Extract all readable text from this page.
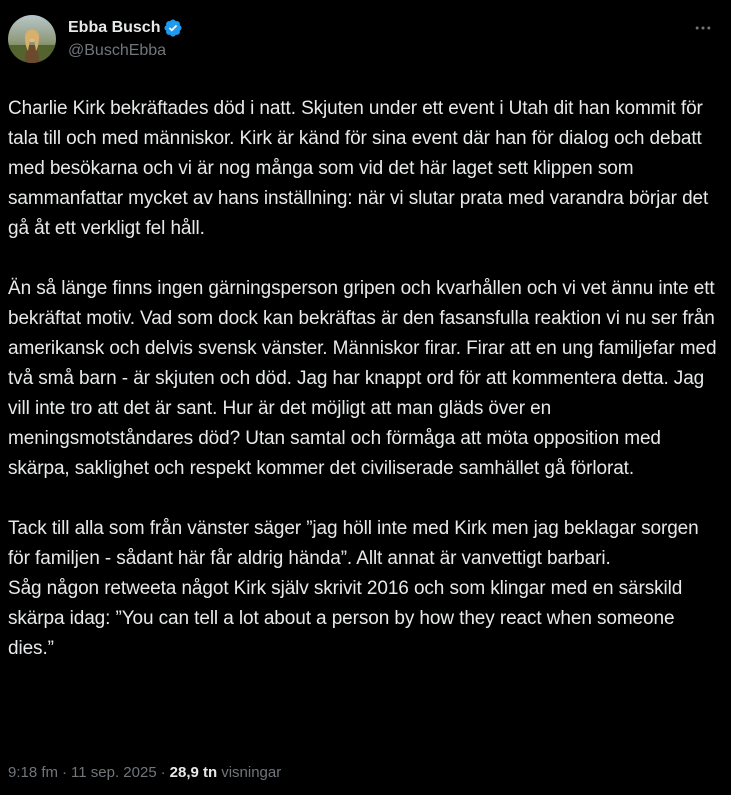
Ebba Busch
@BuschEbba
Charlie Kirk bekräftades död i natt. Skjuten under ett event i Utah dit han kommit för tala till och med människor. Kirk är känd för sina event där han för dialog och debatt med besökarna och vi är nog många som vid det här laget sett klippen som sammanfattar mycket av hans inställning: när vi slutar prata med varandra börjar det gå åt ett verkligt fel håll.

Än så länge finns ingen gärningsperson gripen och kvarhållen och vi vet ännu inte ett bekräftat motiv. Vad som dock kan bekräftas är den fasansfulla reaktion vi nu ser från amerikansk och delvis svensk vänster. Människor firar. Firar att en ung familjefar med två små barn - är skjuten och död. Jag har knappt ord för att kommentera detta. Jag vill inte tro att det är sant. Hur är det möjligt att man gläds över en meningsmotståndares död? Utan samtal och förmåga att möta opposition med skärpa, saklighet och respekt kommer det civiliserade samhället gå förlorat.

Tack till alla som från vänster säger ”jag höll inte med Kirk men jag beklagar sorgen för familjen - sådant här får aldrig hända”. Allt annat är vanvettigt barbari.
Såg någon retweeta något Kirk själv skrivit 2016 och som klingar med en särskild skärpa idag: ”You can tell a lot about a person by how they react when someone dies.”
9:18 fm · 11 sep. 2025 · 28,9 tn visningar
